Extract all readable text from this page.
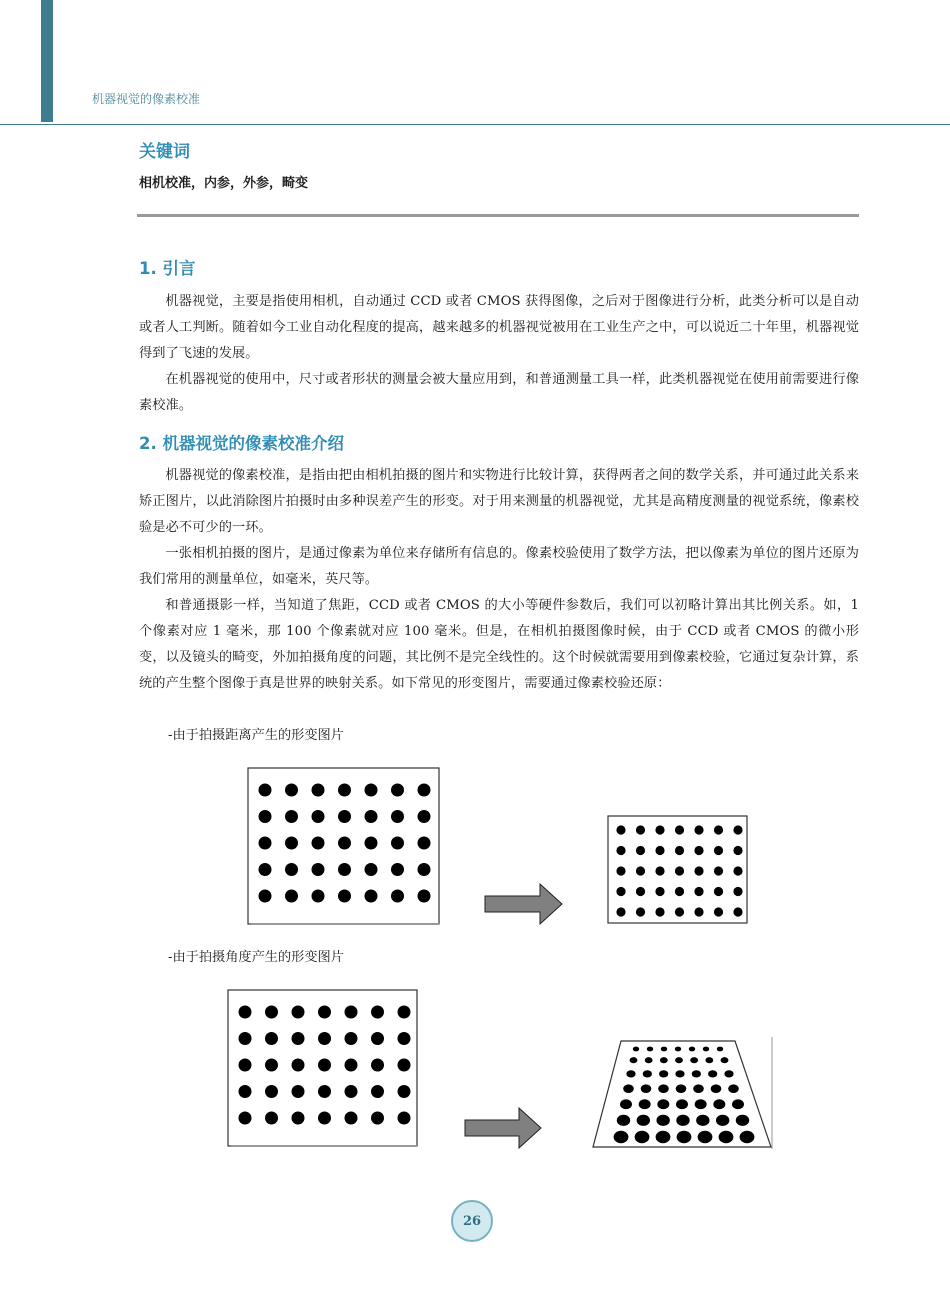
机器视觉的像素校准
关键词
相机校准，内参，外参，畸变
1. 引言

机器视觉，主要是指使用相机，自动通过 CCD 或者 CMOS 获得图像，之后对于图像进行分析，此类分析可以是自动或者人工判断。随着如今工业自动化程度的提高，越来越多的机器视觉被用在工业生产之中，可以说近二十年里，机器视觉得到了飞速的发展。

在机器视觉的使用中，尺寸或者形状的测量会被大量应用到，和普通测量工具一样，此类机器视觉在使用前需要进行像素校准。

2. 机器视觉的像素校准介绍

机器视觉的像素校准，是指由把由相机拍摄的图片和实物进行比较计算，获得两者之间的数学关系，并可通过此关系来矫正图片，以此消除图片拍摄时由多种误差产生的形变。对于用来测量的机器视觉，尤其是高精度测量的视觉系统，像素校验是必不可少的一环。

一张相机拍摄的图片，是通过像素为单位来存储所有信息的。像素校验使用了数学方法，把以像素为单位的图片还原为我们常用的测量单位，如毫米，英尺等。

和普通摄影一样，当知道了焦距，CCD 或者 CMOS 的大小等硬件参数后，我们可以初略计算出其比例关系。如，1 个像素对应 1 毫米，那 100 个像素就对应 100 毫米。但是，在相机拍摄图像时候，由于 CCD 或者 CMOS 的微小形变，以及镜头的畸变，外加拍摄角度的问题，其比例不是完全线性的。这个时候就需要用到像素校验，它通过复杂计算，系统的产生整个图像于真是世界的映射关系。如下常见的形变图片，需要通过像素校验还原：

-由于拍摄距离产生的形变图片
-由于拍摄角度产生的形变图片
26
